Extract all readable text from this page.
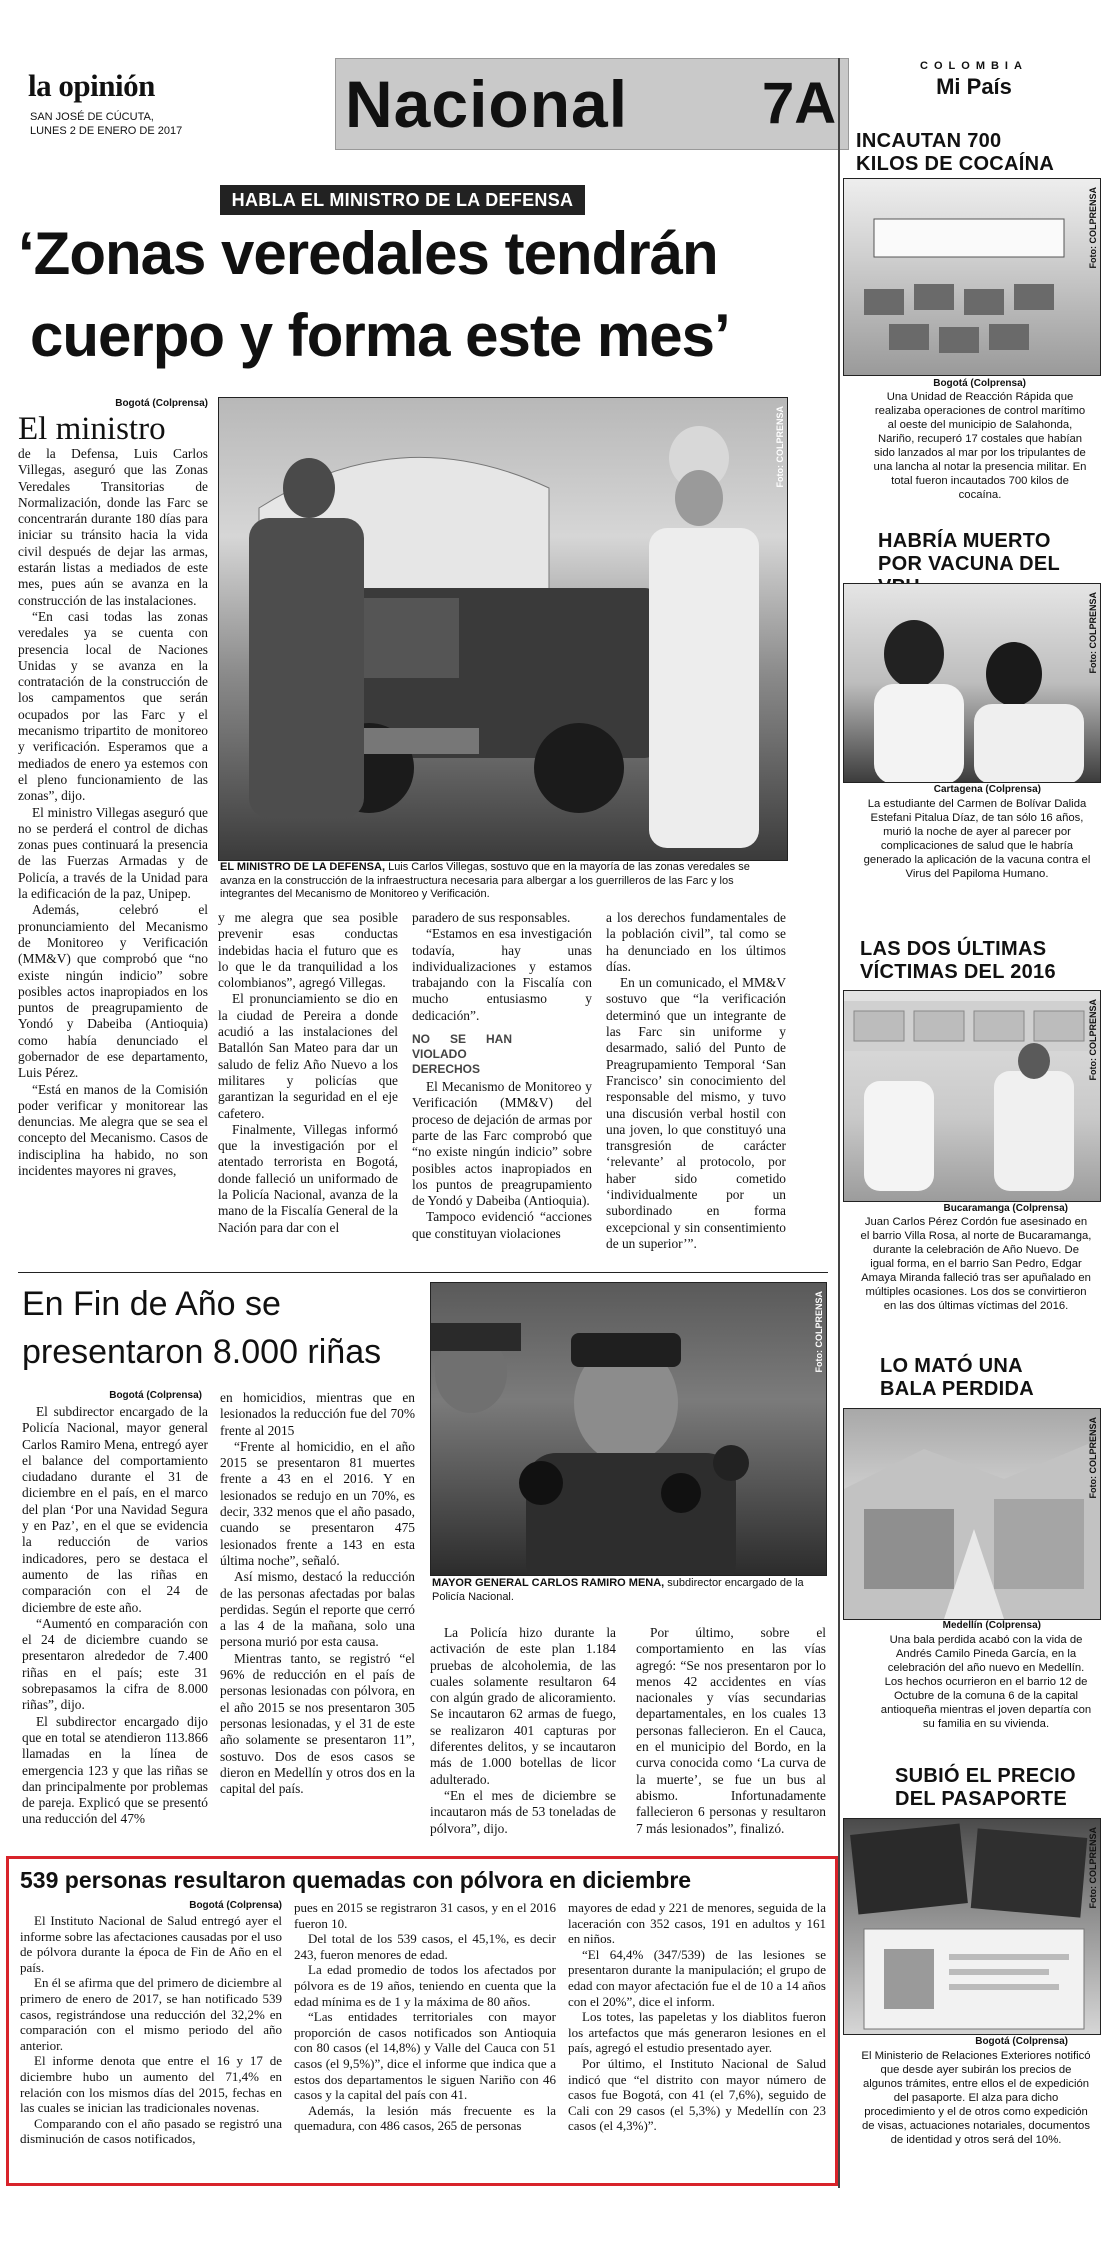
la opinión
SAN JOSÉ DE CÚCUTA,
LUNES 2 DE ENERO DE 2017 Nacional 7A
COLOMBIA
Mi País
HABLA EL MINISTRO DE LA DEFENSA
‘Zonas veredales tendrán
cuerpo y forma este mes’
Bogotá (Colprensa)
El ministro

de la Defensa, Luis Carlos Villegas, aseguró que las Zonas Veredales Transitorias de Normalización, donde las Farc se concentrarán durante 180 días para iniciar su tránsito hacia la vida civil después de dejar las armas, estarán listas a mediados de este mes, pues aún se avanza en la construcción de las instalaciones.

“En casi todas las zonas veredales ya se cuenta con presencia local de Naciones Unidas y se avanza en la contratación de la construcción de los campamentos que serán ocupados por las Farc y el mecanismo tripartito de monitoreo y verificación. Esperamos que a mediados de enero ya estemos con el pleno funcionamiento de las zonas”, dijo.

El ministro Villegas aseguró que no se perderá el control de dichas zonas pues continuará la presencia de las Fuerzas Armadas y de Policía, a través de la Unidad para la edificación de la paz, Unipep.

Además, celebró el pronunciamiento del Mecanismo de Monitoreo y Verificación (MM&V) que comprobó que “no existe ningún indicio” sobre posibles actos inapropiados en los puntos de preagrupamiento de Yondó y Dabeiba (Antioquia) como había denunciado el gobernador de ese departamento, Luis Pérez.

“Está en manos de la Comisión poder verificar y monitorear las denuncias. Me alegra que se sea el concepto del Mecanismo. Casos de indisciplina ha habido, no son incidentes mayores ni graves,

Foto: COLPRENSA
EL MINISTRO DE LA DEFENSA, Luis Carlos Villegas, sostuvo que en la mayoría de las zonas veredales se avanza en la construcción de la infraestructura necesaria para albergar a los guerrilleros de las Farc y los integrantes del Mecanismo de Monitoreo y Verificación.

y me alegra que sea posible prevenir esas conductas indebidas hacia el futuro que es lo que le da tranquilidad a los colombianos”, agregó Villegas.

El pronunciamiento se dio en la ciudad de Pereira a donde acudió a las instalaciones del Batallón San Mateo para dar un saludo de feliz Año Nuevo a los militares y policías que garantizan la seguridad en el eje cafetero.

Finalmente, Villegas informó que la investigación por el atentado terrorista en Bogotá, donde falleció un uniformado de la Policía Nacional, avanza de la mano de la Fiscalía General de la Nación para dar con el

paradero de sus responsables.

“Estamos en esa investigación todavía, hay unas individualizaciones y estamos trabajando con la Fiscalía con mucho entusiasmo y dedicación”.

NO SE HAN VIOLADO DERECHOS

El Mecanismo de Monitoreo y Verificación (MM&V) del proceso de dejación de armas por parte de las Farc comprobó que “no existe ningún indicio” sobre posibles actos inapropiados en los puntos de preagrupamiento de Yondó y Dabeiba (Antioquia).

Tampoco evidenció “acciones que constituyan violaciones

a los derechos fundamentales de la población civil”, tal como se ha denunciado en los últimos días.

En un comunicado, el MM&V sostuvo que “la verificación determinó que un integrante de las Farc sin uniforme y desarmado, salió del Punto de Preagrupamiento Temporal ‘San Francisco’ sin conocimiento del responsable del mismo, y tuvo una discusión verbal hostil con una joven, lo que constituyó una transgresión de carácter ‘relevante’ al protocolo, por haber sido cometido ‘individualmente por un subordinado en forma excepcional y sin consentimiento de un superior’”.

En Fin de Año se
presentaron 8.000 riñas
Bogotá (Colprensa)

El subdirector encargado de la Policía Nacional, mayor general Carlos Ramiro Mena, entregó ayer el balance del comportamiento ciudadano durante el 31 de diciembre en el país, en el marco del plan ‘Por una Navidad Segura y en Paz’, en el que se evidencia la reducción de varios indicadores, pero se destaca el aumento de las riñas en comparación con el 24 de diciembre de este año.

“Aumentó en comparación con el 24 de diciembre cuando se presentaron alrededor de 7.400 riñas en el país; este 31 sobrepasamos la cifra de 8.000 riñas”, dijo.

El subdirector encargado dijo que en total se atendieron 113.866 llamadas en la línea de emergencia 123 y que las riñas se dan principalmente por problemas de pareja. Explicó que se presentó una reducción del 47%

en homicidios, mientras que en lesionados la reducción fue del 70% frente al 2015

“Frente al homicidio, en el año 2015 se presentaron 81 muertes frente a 43 en el 2016. Y en lesionados se redujo en un 70%, es decir, 332 menos que el año pasado, cuando se presentaron 475 lesionados frente a 143 en esta última noche”, señaló.

Así mismo, destacó la reducción de las personas afectadas por balas perdidas. Según el reporte que cerró a las 4 de la mañana, solo una persona murió por esta causa.

Mientras tanto, se registró “el 96% de reducción en el país de personas lesionadas con pólvora, en el año 2015 se nos presentaron 305 personas lesionadas, y el 31 de este año solamente se presentaron 11”, sostuvo. Dos de esos casos se dieron en Medellín y otros dos en la capital del país.

Foto: COLPRENSA
MAYOR GENERAL CARLOS RAMIRO MENA, subdirector encargado de la Policía Nacional.

La Policía hizo durante la activación de este plan 1.184 pruebas de alcoholemia, de las cuales solamente resultaron 64 con algún grado de alicoramiento. Se incautaron 62 armas de fuego, se realizaron 401 capturas por diferentes delitos, y se incautaron más de 1.000 botellas de licor adulterado.

“En el mes de diciembre se incautaron más de 53 toneladas de pólvora”, dijo.

Por último, sobre el comportamiento en las vías agregó: “Se nos presentaron por lo menos 42 accidentes en vías nacionales y vías secundarias departamentales, en los cuales 13 personas fallecieron. En el Cauca, en el municipio del Bordo, en la curva conocida como ‘La curva de la muerte’, se fue un bus al abismo. Infortunadamente fallecieron 6 personas y resultaron 7 más lesionados”, finalizó.

539 personas resultaron quemadas con pólvora en diciembre
Bogotá (Colprensa)

El Instituto Nacional de Salud entregó ayer el informe sobre las afectaciones causadas por el uso de pólvora durante la época de Fin de Año en el país.

En él se afirma que del primero de diciembre al primero de enero de 2017, se han notificado 539 casos, registrándose una reducción del 32,2% en comparación con el mismo periodo del año anterior.

El informe denota que entre el 16 y 17 de diciembre hubo un aumento del 71,4% en relación con los mismos días del 2015, fechas en las cuales se inician las tradicionales novenas.

Comparando con el año pasado se registró una disminución de casos notificados,

pues en 2015 se registraron 31 casos, y en el 2016 fueron 10.

Del total de los 539 casos, el 45,1%, es decir 243, fueron menores de edad.

La edad promedio de todos los afectados por pólvora es de 19 años, teniendo en cuenta que la edad mínima es de 1 y la máxima de 80 años.

“Las entidades territoriales con mayor proporción de casos notificados son Antioquia con 80 casos (el 14,8%) y Valle del Cauca con 51 casos (el 9,5%)”, dice el informe que indica que a estos dos departamentos le siguen Nariño con 46 casos y la capital del país con 41.

Además, la lesión más frecuente es la quemadura, con 486 casos, 265 de personas

mayores de edad y 221 de menores, seguida de la laceración con 352 casos, 191 en adultos y 161 en niños.

“El 64,4% (347/539) de las lesiones se presentaron durante la manipulación; el grupo de edad con mayor afectación fue el de 10 a 14 años con el 20%”, dice el inform.

Los totes, las papeletas y los diablitos fueron los artefactos que más generaron lesiones en el país, agregó el estudio presentado ayer.

Por último, el Instituto Nacional de Salud indicó que “el distrito con mayor número de casos fue Bogotá, con 41 (el 7,6%), seguido de Cali con 29 casos (el 5,3%) y Medellín con 23 casos (el 4,3%)”.

INCAUTAN 700 KILOS DE COCAÍNA
Foto: COLPRENSA
Bogotá (Colprensa)
Una Unidad de Reacción Rápida que realizaba operaciones de control marítimo al oeste del municipio de Salahonda, Nariño, recuperó 17 costales que habían sido lanzados al mar por los tripulantes de una lancha al notar la presencia militar. En total fueron incautados 700 kilos de cocaína.
HABRÍA MUERTO POR VACUNA DEL
Foto: COLPRENSA
Cartagena (Colprensa)
La estudiante del Carmen de Bolívar Dalida Estefani Pitalua Díaz, de tan sólo 16 años, murió la noche de ayer al parecer por complicaciones de salud que le habría generado la aplicación de la vacuna contra el Virus del Papiloma Humano.
LAS DOS ÚLTIMAS VÍCTIMAS DEL 2016
Foto: COLPRENSA
Bucaramanga (Colprensa)
Juan Carlos Pérez Cordón fue asesinado en el barrio Villa Rosa, al norte de Bucaramanga, durante la celebración de Año Nuevo. De igual forma, en el barrio San Pedro, Edgar Amaya Miranda falleció tras ser apuñalado en múltiples ocasiones. Los dos se convirtieron en las dos últimas víctimas del 2016.
LO MATÓ UNA BALA PERDIDA
Foto: COLPRENSA
Medellín (Colprensa)
Una bala perdida acabó con la vida de Andrés Camilo Pineda García, en la celebración del año nuevo en Medellín. Los hechos ocurrieron en el barrio 12 de Octubre de la comuna 6 de la capital antioqueña mientras el joven departía con su familia en su vivienda.
SUBIÓ EL PRECIO DEL PASAPORTE
Foto: COLPRENSA
Bogotá (Colprensa)
El Ministerio de Relaciones Exteriores notificó que desde ayer subirán los precios de algunos trámites, entre ellos el de expedición del pasaporte. El alza para dicho procedimiento y el de otros como expedición de visas, actuaciones notariales, documentos de identidad y otros será del 10%.
